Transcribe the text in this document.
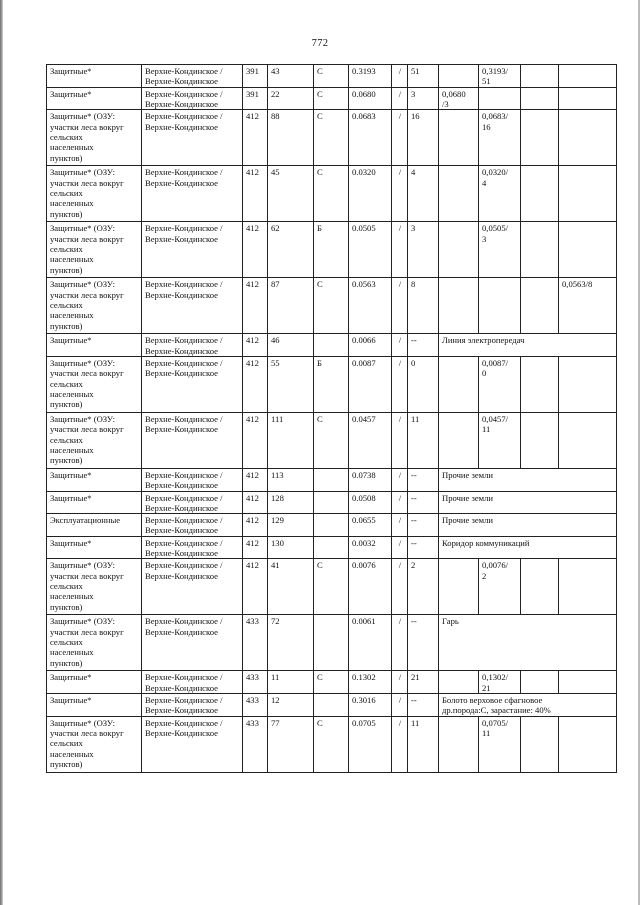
772
Защитные*	Верхне-Кондинское /
Верхне-Кондинское	391	43	С	0.3193	/	51		0,3193/
51		
Защитные*	Верхне-Кондинское /
Верхне-Кондинское	391	22	С	0.0680	/	3	0,0680
/3			
Защитные* (ОЗУ:
участки леса вокруг
сельских
населенных
пунктов)	Верхне-Кондинское /
Верхне-Кондинское	412	88	С	0.0683	/	16		0,0683/
16		
Защитные* (ОЗУ:
участки леса вокруг
сельских
населенных
пунктов)	Верхне-Кондинское /
Верхне-Кондинское	412	45	С	0.0320	/	4		0,0320/
4		
Защитные* (ОЗУ:
участки леса вокруг
сельских
населенных
пунктов)	Верхне-Кондинское /
Верхне-Кондинское	412	62	Б	0.0505	/	3		0,0505/
3		
Защитные* (ОЗУ:
участки леса вокруг
сельских
населенных
пунктов)	Верхне-Кондинское /
Верхне-Кондинское	412	87	С	0.0563	/	8				0,0563/8
Защитные*	Верхне-Кондинское /
Верхне-Кондинское	412	46		0.0066	/	--	Линия электропередач			
Защитные* (ОЗУ:
участки леса вокруг
сельских
населенных
пунктов)	Верхне-Кондинское /
Верхне-Кондинское	412	55	Б	0.0087	/	0		0,0087/
0		
Защитные* (ОЗУ:
участки леса вокруг
сельских
населенных
пунктов)	Верхне-Кондинское /
Верхне-Кондинское	412	111	С	0.0457	/	11		0,0457/
11		
Защитные*	Верхне-Кондинское /
Верхне-Кондинское	412	113		0.0738	/	--	Прочие земли			
Защитные*	Верхне-Кондинское /
Верхне-Кондинское	412	128		0.0508	/	--	Прочие земли			
Эксплуатационные	Верхне-Кондинское /
Верхне-Кондинское	412	129		0.0655	/	--	Прочие земли			
Защитные*	Верхне-Кондинское /
Верхне-Кондинское	412	130		0.0032	/	--	Коридор коммуникаций			
Защитные* (ОЗУ:
участки леса вокруг
сельских
населенных
пунктов)	Верхне-Кондинское /
Верхне-Кондинское	412	41	С	0.0076	/	2		0,0076/
2		
Защитные* (ОЗУ:
участки леса вокруг
сельских
населенных
пунктов)	Верхне-Кондинское /
Верхне-Кондинское	433	72		0.0061	/	--	Гарь			
Защитные*	Верхне-Кондинское /
Верхне-Кондинское	433	11	С	0.1302	/	21		0,1302/
21		
Защитные*	Верхне-Кондинское /
Верхне-Кондинское	433	12		0.3016	/	--	Болото верховое сфагновое
др.порода:С, зарастание: 40%			
Защитные* (ОЗУ:
участки леса вокруг
сельских
населенных
пунктов)	Верхне-Кондинское /
Верхне-Кондинское	433	77	С	0.0705	/	11		0,0705/
11		
